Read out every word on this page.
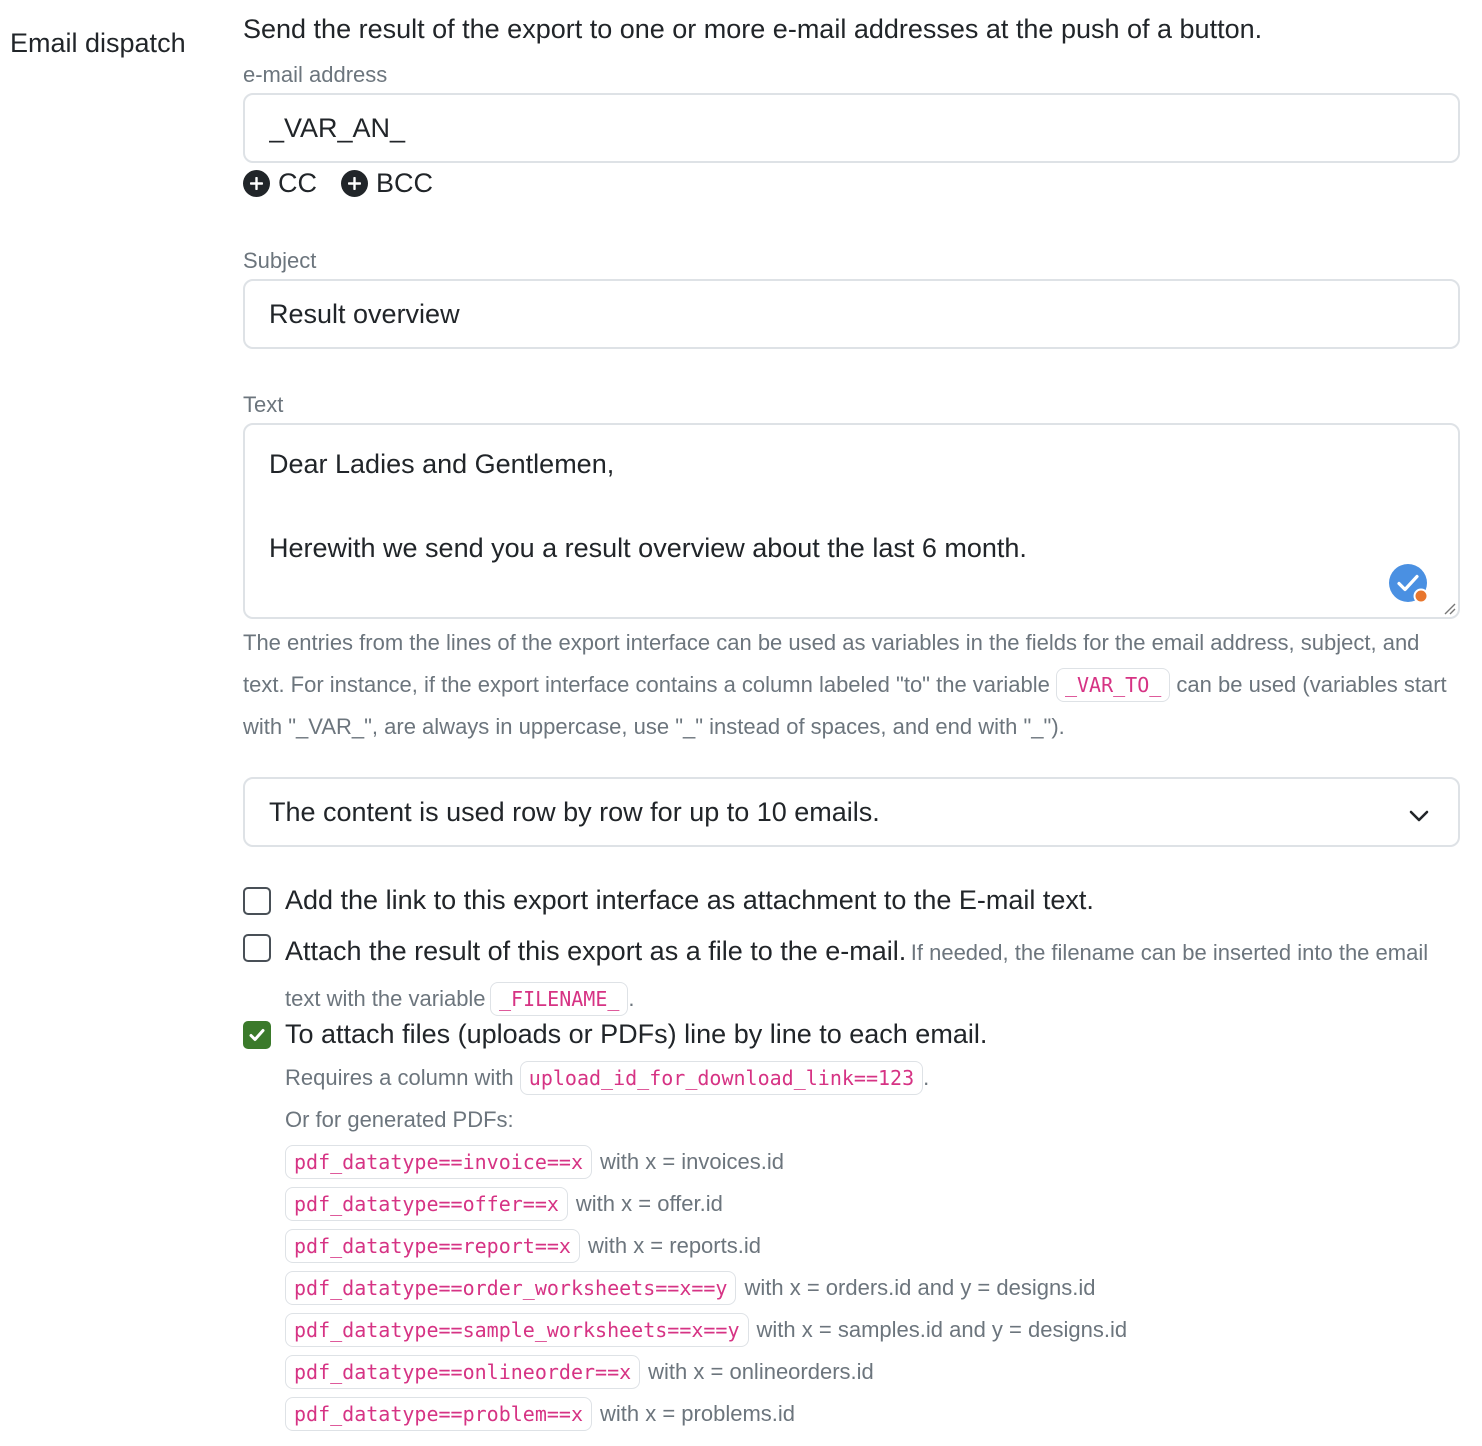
Email dispatch Send the result of the export to one or more e-mail addresses at the push of a button.
e-mail address
_VAR_AN_
CC BCC
Subject
Result overview
Text
Dear Ladies and Gentlemen, Herewith we send you a result overview about the last 6 month. Best Regards
The entries from the lines of the export interface can be used as variables in the fields for the email address, subject, and text. For instance, if the export interface contains a column labeled "to" the variable _VAR_TO_ can be used (variables start with "_VAR_", are always in uppercase, use "_" instead of spaces, and end with "_").
The content is used row by row for up to 10 emails.
Add the link to this export interface as attachment to the E-mail text.
Attach the result of this export as a file to the e-mail. If needed, the filename can be inserted into the email text with the variable _FILENAME_ .
To attach files (uploads or PDFs) line by line to each email.
Requires a column with upload_id_for_download_link==123 .
Or for generated PDFs:
pdf_datatype==invoice==x with x = invoices.id
pdf_datatype==offer==x with x = offer.id
pdf_datatype==report==x with x = reports.id
pdf_datatype==order_worksheets==x==y with x = orders.id and y = designs.id
pdf_datatype==sample_worksheets==x==y with x = samples.id and y = designs.id
pdf_datatype==onlineorder==x with x = onlineorders.id
pdf_datatype==problem==x with x = problems.id
